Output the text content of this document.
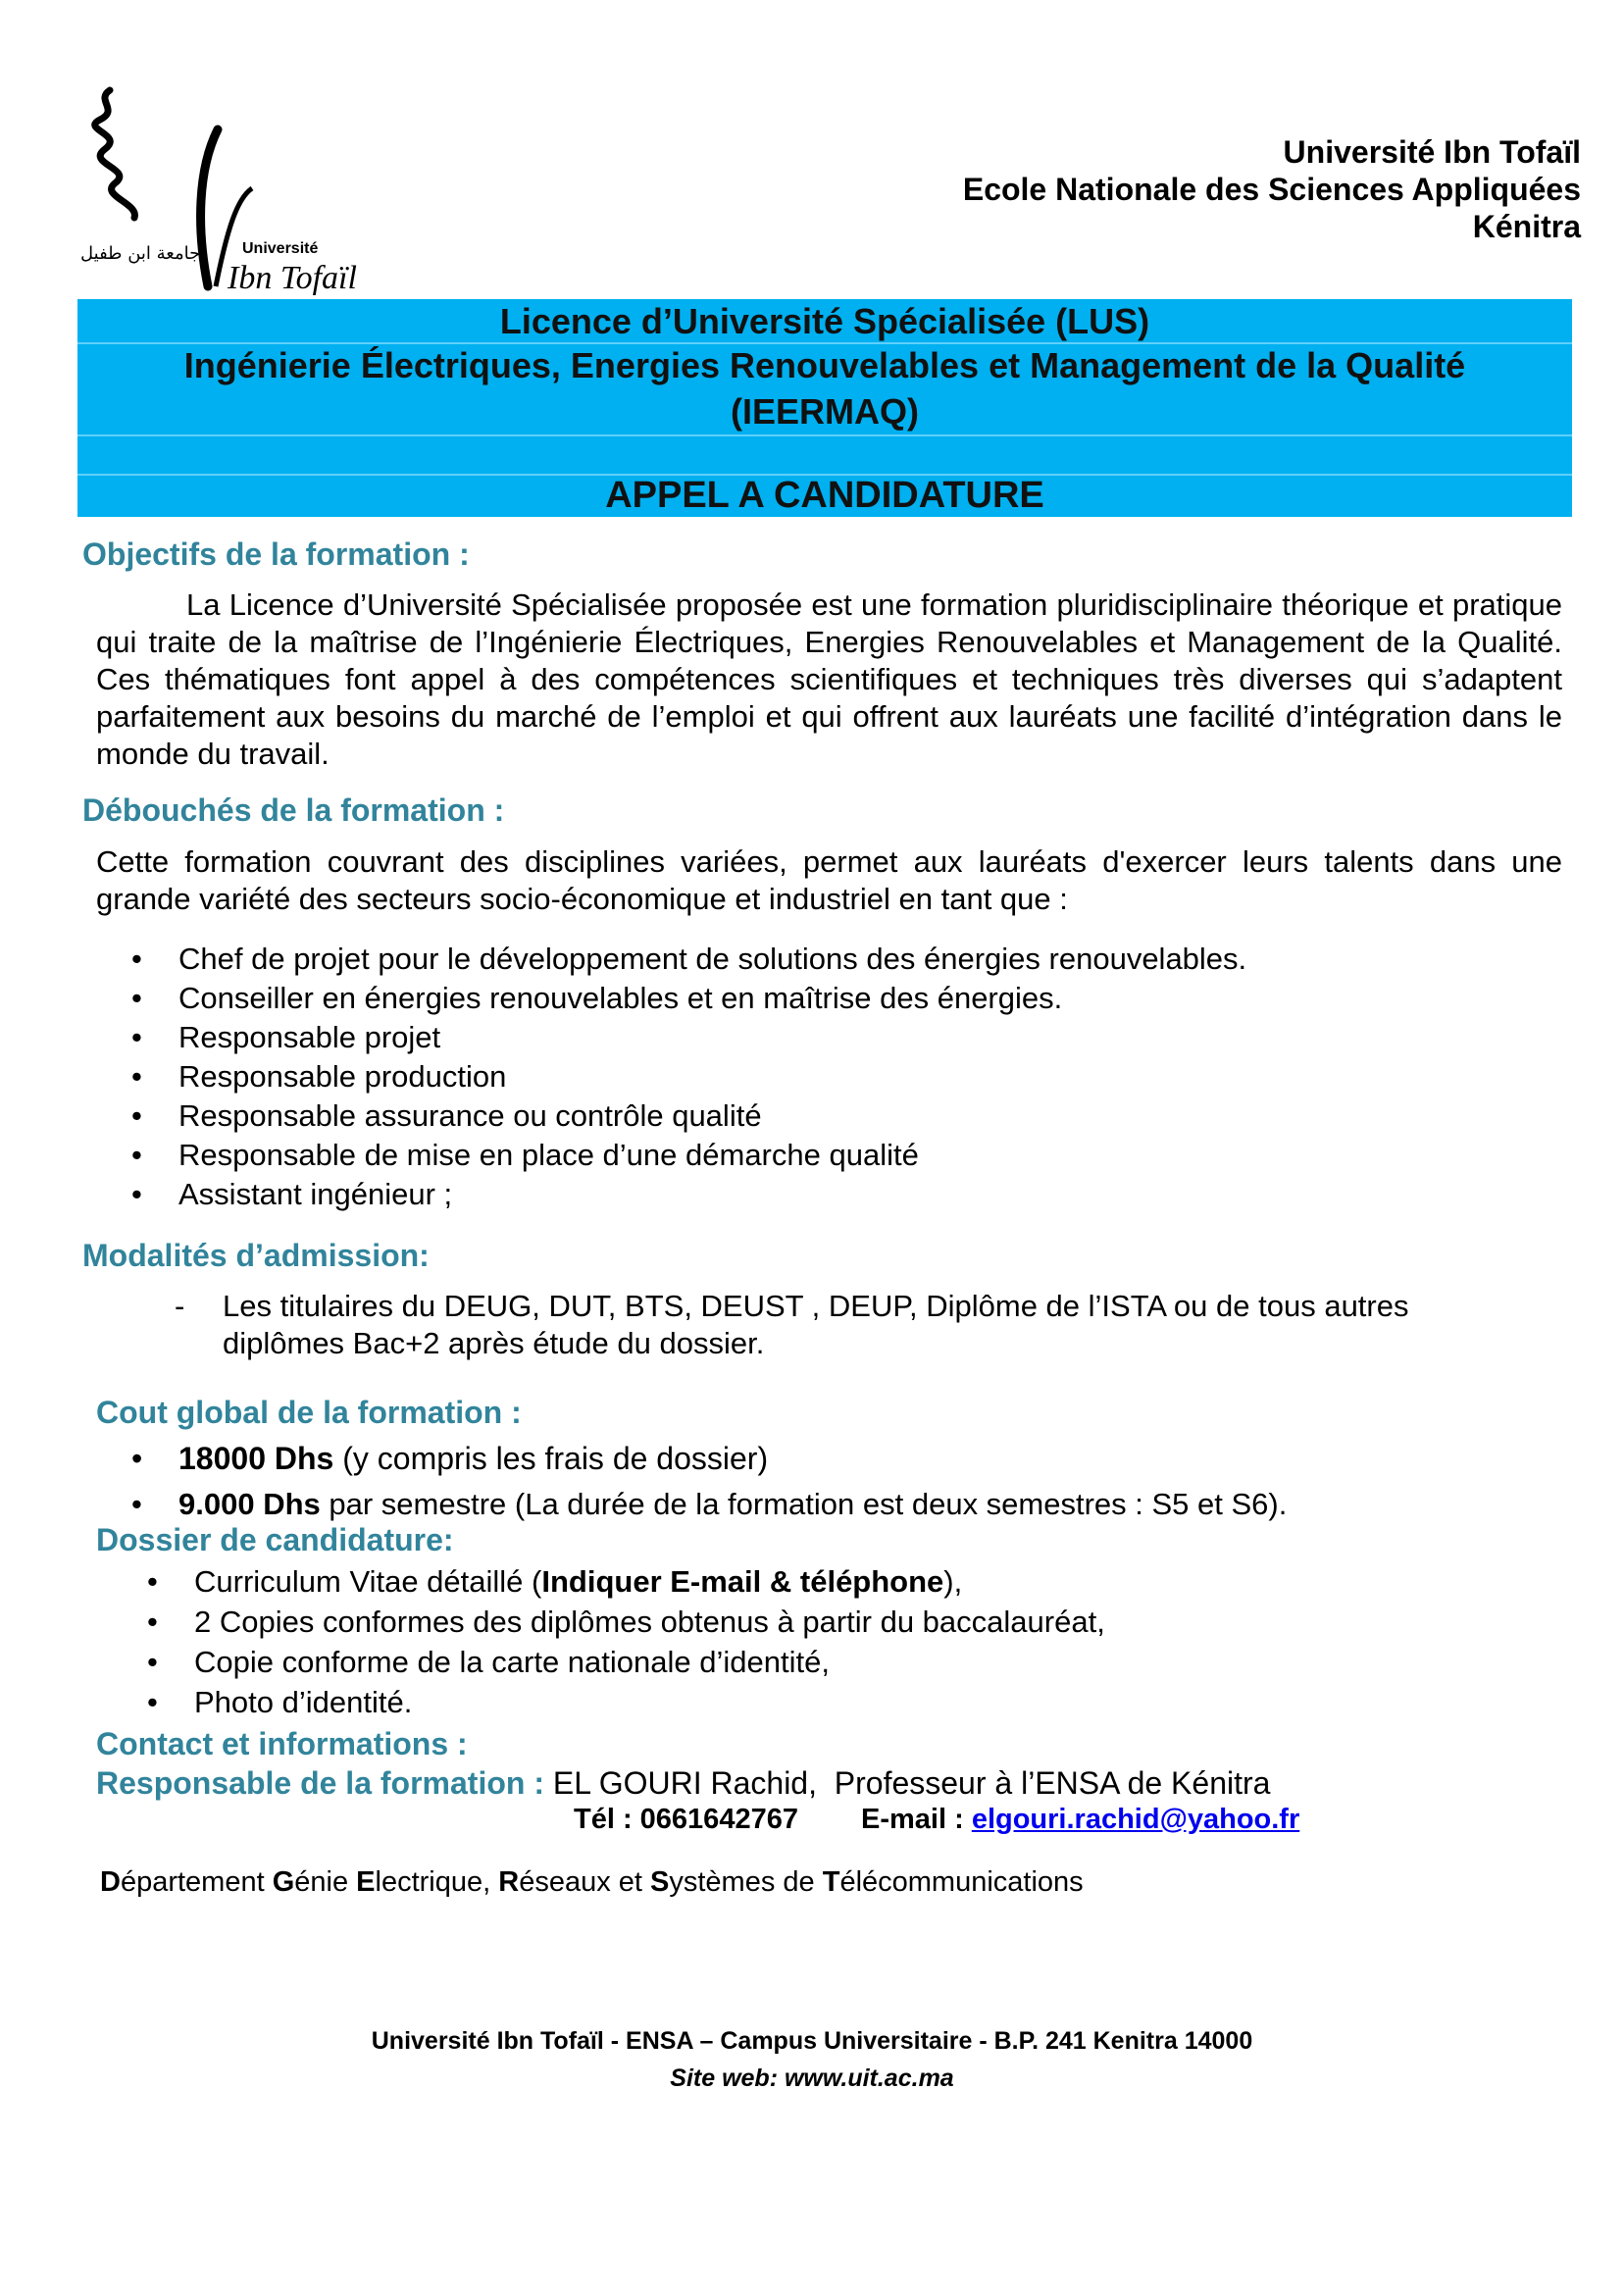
جامعة ابن طفيل	Université
Ibn Tofaïl
Université Ibn Tofaïl
Ecole Nationale des Sciences Appliquées
Kénitra
Licence d’Université Spécialisée (LUS)
Ingénierie Électriques, Energies Renouvelables et Management de la Qualité
(IEERMAQ)
APPEL A CANDIDATURE
Objectifs de la formation :
La Licence d’Université Spécialisée proposée est une formation pluridisciplinaire théorique et pratique qui traite de la maîtrise de l’Ingénierie Électriques, Energies Renouvelables et Management de la Qualité. Ces thématiques font appel à des compétences scientifiques et techniques très diverses qui s’adaptent parfaitement aux besoins du marché de l’emploi et qui offrent aux lauréats une facilité d’intégration dans le monde du travail.
Débouchés de la formation :
Cette formation couvrant des disciplines variées, permet aux lauréats d'exercer leurs talents dans une grande variété des secteurs socio-économique et industriel en tant que :
• Chef de projet pour le développement de solutions des énergies renouvelables.
• Conseiller en énergies renouvelables et en maîtrise des énergies.
• Responsable projet
• Responsable production
• Responsable assurance ou contrôle qualité
• Responsable de mise en place d’une démarche qualité
• Assistant ingénieur ;
Modalités d’admission:
- Les titulaires du DEUG, DUT, BTS, DEUST , DEUP, Diplôme de l’ISTA ou de tous autres diplômes Bac+2 après étude du dossier.
Cout global de la formation :
• 18000 Dhs (y compris les frais de dossier)
• 9.000 Dhs par semestre (La durée de la formation est deux semestres : S5 et S6).
Dossier de candidature:
• Curriculum Vitae détaillé (Indiquer E-mail & téléphone),
• 2 Copies conformes des diplômes obtenus à partir du baccalauréat,
• Copie conforme de la carte nationale d’identité,
• Photo d’identité.
Contact et informations :
Responsable de la formation : EL GOURI Rachid,  Professeur à l’ENSA de Kénitra
Tél : 0661642767 E-mail : elgouri.rachid@yahoo.fr
Département Génie Electrique, Réseaux et Systèmes de Télécommunications
Université Ibn Tofaïl - ENSA – Campus Universitaire - B.P. 241 Kenitra 14000
Site web: www.uit.ac.ma
